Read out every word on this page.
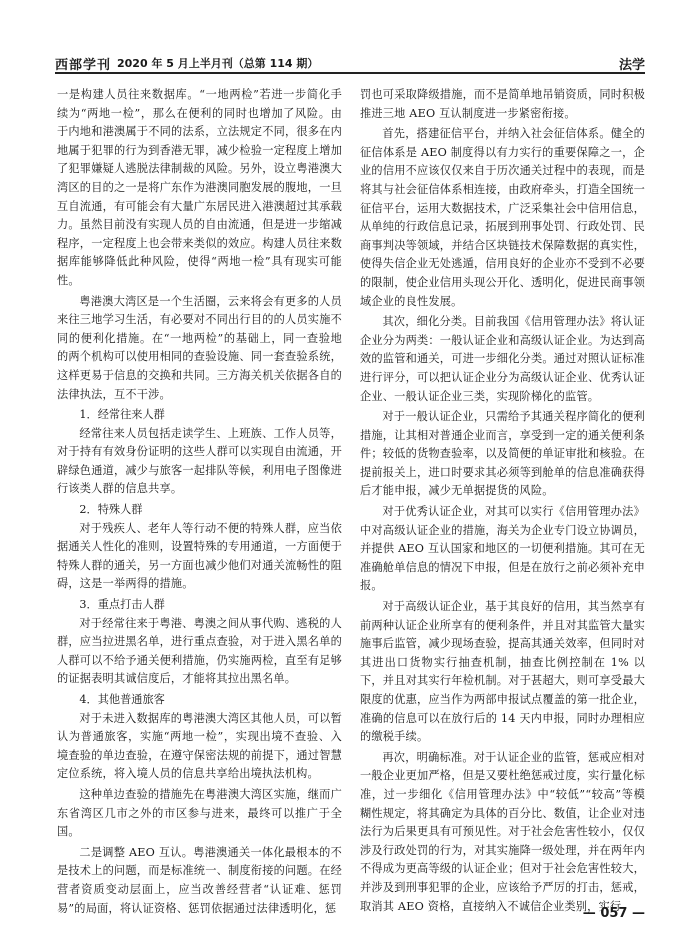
西部学刊 2020 年 5 月上半月刊（总第 114 期）	法学

一是构建人员往来数据库。“一地两检”若进一步简化手续为“两地一检”，那么在便利的同时也增加了风险。由于内地和港澳属于不同的法系，立法规定不同，很多在内地属于犯罪的行为到香港无罪，减少检验一定程度上增加了犯罪嫌疑人逃脱法律制裁的风险。另外，设立粤港澳大湾区的目的之一是将广东作为港澳同胞发展的腹地，一旦互自流通，有可能会有大量广东居民进入港澳超过其承载力。虽然目前没有实现人员的自由流通，但是进一步缩减程序，一定程度上也会带来类似的效应。构建人员往来数据库能够降低此种风险，使得“两地一检”具有现实可能性。

粤港澳大湾区是一个生活圈，云来将会有更多的人员来往三地学习生活，有必要对不同出行目的的人员实施不同的便利化措施。在“一地两检”的基础上，同一查验地的两个机构可以使用相同的查验设施、同一套查验系统，这样更易于信息的交换和共同。三方海关机关依据各自的法律执法，互不干涉。

1．经常往来人群

经常往来人员包括走读学生、上班族、工作人员等，对于持有有效身份证明的这些人群可以实现自由流通，开辟绿色通道，减少与旅客一起排队等候，利用电子图像进行该类人群的信息共享。

2．特殊人群

对于残疾人、老年人等行动不便的特殊人群，应当依据通关人性化的准则，设置特殊的专用通道，一方面便于特殊人群的通关，另一方面也减少他们对通关流畅性的阻碍，这是一举两得的措施。

3．重点打击人群

对于经常往来于粤港、粤澳之间从事代购、逃税的人群，应当拉进黑名单，进行重点查验，对于进入黑名单的人群可以不给予通关便利措施，仍实施两检，直至有足够的证据表明其诚信度后，才能将其拉出黑名单。

4．其他普通旅客

对于未进入数据库的粤港澳大湾区其他人员，可以暂认为普通旅客，实施“两地一检”，实现出境不查验、入境查验的单边查验，在遵守保密法规的前提下，通过智慧定位系统，将入境人员的信息共享给出境执法机构。

这种单边查验的措施先在粤港澳大湾区实施，继而广东省湾区几市之外的市区参与进来，最终可以推广于全国。

二是调整 AEO 互认。粤港澳通关一体化最根本的不是技术上的问题，而是标准统一、制度衔接的问题。在经营者资质变动层面上，应当改善经营者“认证难、惩罚易”的局面，将认证资格、惩罚依据通过法律透明化，惩

罚也可采取降级措施，而不是简单地吊销资质，同时积极推进三地 AEO 互认制度进一步紧密衔接。

首先，搭建征信平台，并纳入社会征信体系。健全的征信体系是 AEO 制度得以有力实行的重要保障之一，企业的信用不应该仅仅来自于历次通关过程中的表现，而是将其与社会征信体系相连接，由政府牵头，打造全国统一征信平台，运用大数据技术，广泛采集社会中信用信息，从单纯的行政信息记录，拓展到刑事处罚、行政处罚、民商事判决等领域，并结合区块链技术保障数据的真实性，使得失信企业无处逃遁，信用良好的企业亦不受到不必要的限制，使企业信用头现公开化、透明化，促进民商事领域企业的良性发展。

其次，细化分类。目前我国《信用管理办法》将认证企业分为两类：一般认证企业和高级认证企业。为达到高效的监管和通关，可进一步细化分类。通过对照认证标准进行评分，可以把认证企业分为高级认证企业、优秀认证企业、一般认证企业三类，实现阶梯化的监管。

对于一般认证企业，只需给予其通关程序简化的便利措施，让其相对普通企业而言，享受到一定的通关便利条件；较低的货物查验率，以及简便的单证审批和核验。在提前报关上，进口时要求其必须等到舱单的信息准确获得后才能申报，减少无单据提货的风险。

对于优秀认证企业，对其可以实行《信用管理办法》中对高级认证企业的措施，海关为企业专门设立协调员，并提供 AEO 互认国家和地区的一切便利措施。其可在无准确舱单信息的情况下申报，但是在放行之前必须补充申报。

对于高级认证企业，基于其良好的信用，其当然享有前两种认证企业所享有的便利条件，并且对其监管大量实施事后监管，减少现场查验，提高其通关效率，但同时对其进出口货物实行抽查机制，抽查比例控制在 1% 以下，并且对其实行年检机制。对于甚超大，则可享受最大限度的优惠，应当作为两部申报试点覆盖的第一批企业，准确的信息可以在放行后的 14 天内申报，同时办理相应的缴税手续。

再次，明确标准。对于认证企业的监管，惩戒应相对一般企业更加严格，但是又要杜绝惩戒过度，实行量化标准，过一步细化《信用管理办法》中“较低”“较高”等模糊性规定，将其确定为具体的百分比、数值，让企业对违法行为后果更具有可预见性。对于社会危害性较小，仅仅涉及行政处罚的行为，对其实施降一级处理，并在两年内不得成为更高等级的认证企业；但对于社会危害性较大，并涉及到刑事犯罪的企业，应该给予严厉的打击，惩戒，取消其 AEO 资格，直接纳入不诚信企业类别，实行

— 057 —
